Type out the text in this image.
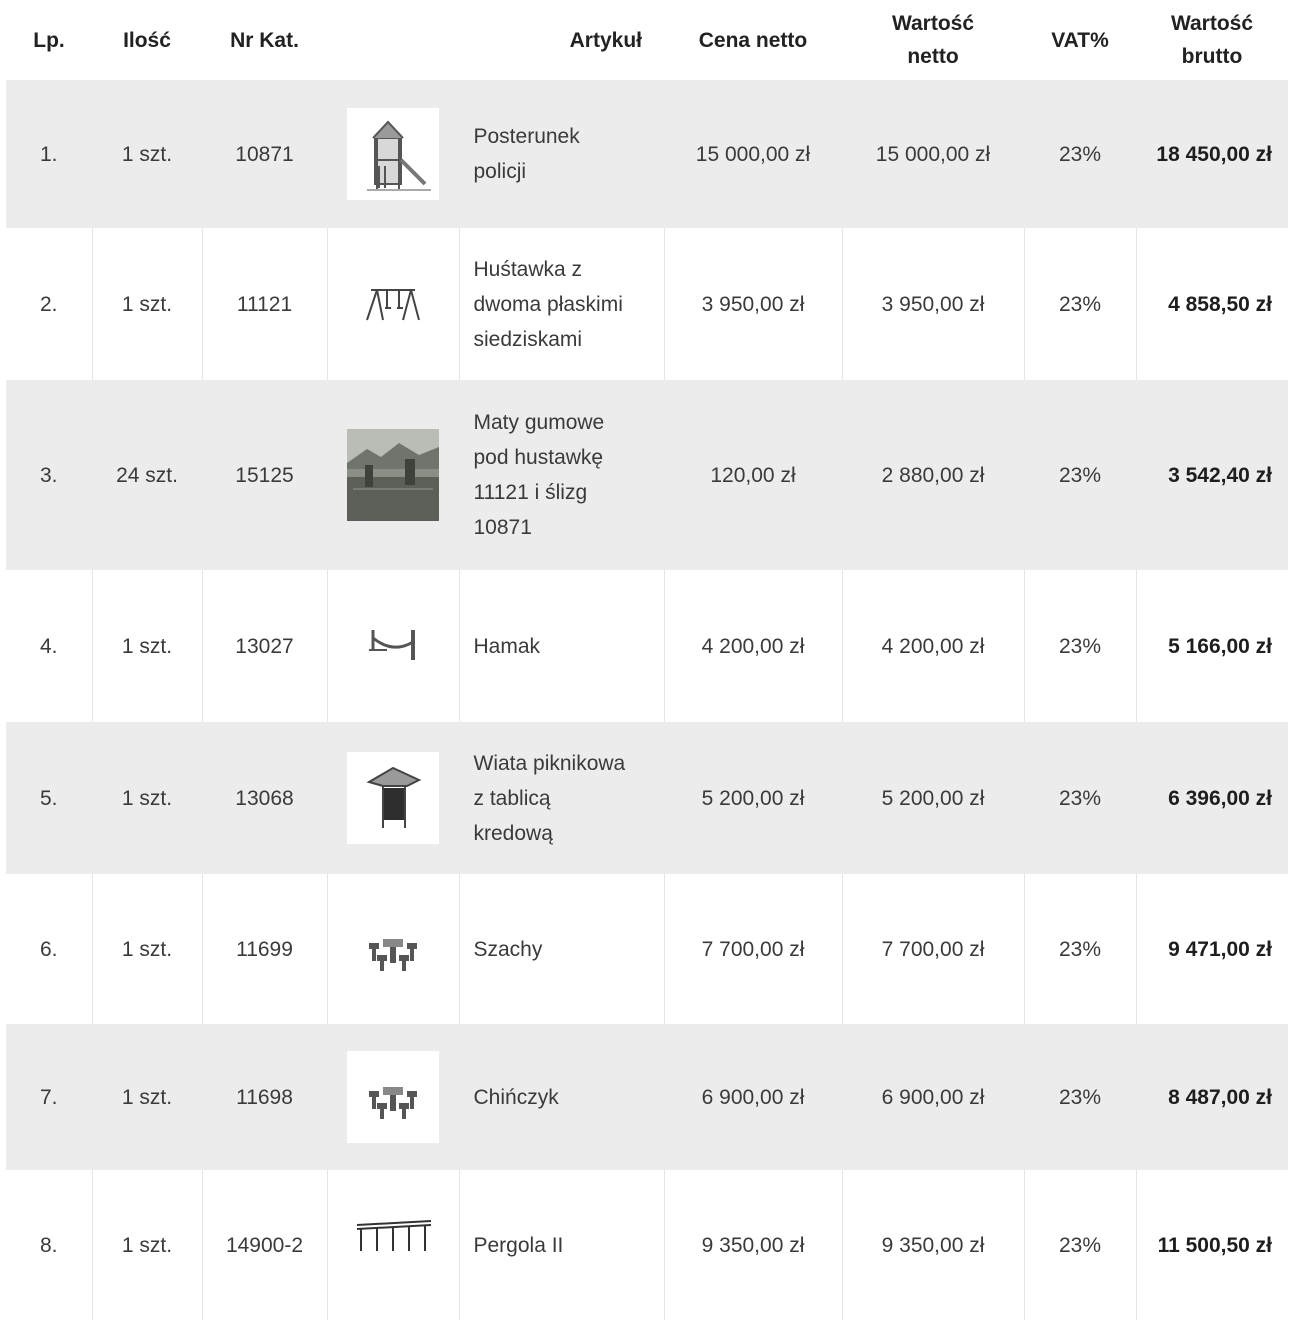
Lp.	Ilość	Nr Kat.		Artykuł	Cena netto	Wartość
netto	VAT%	Wartość
brutto
1.	1 szt.	10871		Posterunek
policji	15 000,00 zł	15 000,00 zł	23%	18 450,00 zł
2.	1 szt.	11121		Huśtawka z
dwoma płaskimi
siedziskami	3 950,00 zł	3 950,00 zł	23%	4 858,50 zł
3.	24 szt.	15125		Maty gumowe
pod hustawkę
11121 i ślizg
10871	120,00 zł	2 880,00 zł	23%	3 542,40 zł
4.	1 szt.	13027		Hamak	4 200,00 zł	4 200,00 zł	23%	5 166,00 zł
5.	1 szt.	13068		Wiata piknikowa
z tablicą
kredową	5 200,00 zł	5 200,00 zł	23%	6 396,00 zł
6.	1 szt.	11699		Szachy	7 700,00 zł	7 700,00 zł	23%	9 471,00 zł
7.	1 szt.	11698		Chińczyk	6 900,00 zł	6 900,00 zł	23%	8 487,00 zł
8.	1 szt.	14900-2		Pergola II	9 350,00 zł	9 350,00 zł	23%	11 500,50 zł
